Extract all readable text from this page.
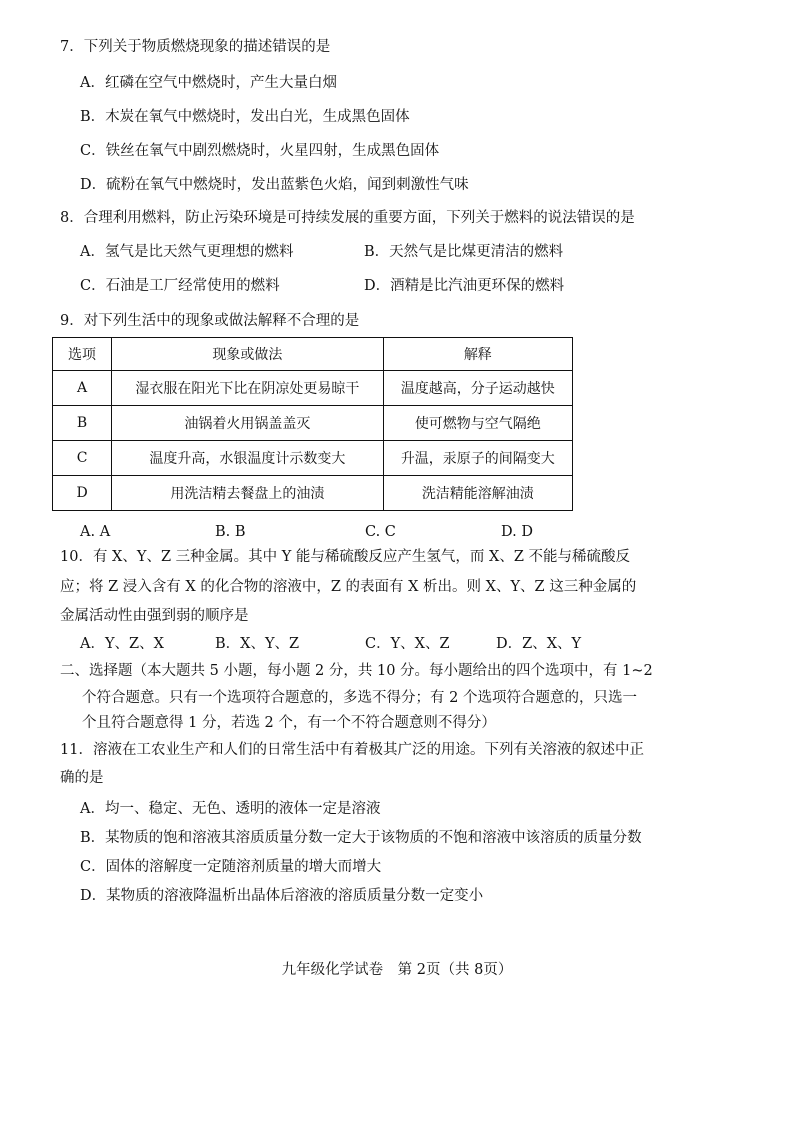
7．下列关于物质燃烧现象的描述错误的是
A．红磷在空气中燃烧时，产生大量白烟
B．木炭在氧气中燃烧时，发出白光，生成黑色固体
C．铁丝在氧气中剧烈燃烧时，火星四射，生成黑色固体
D．硫粉在氧气中燃烧时，发出蓝紫色火焰，闻到刺激性气味
8．合理利用燃料，防止污染环境是可持续发展的重要方面，下列关于燃料的说法错误的是
A．氢气是比天然气更理想的燃料	B．天然气是比煤更清洁的燃料
C．石油是工厂经常使用的燃料	D．酒精是比汽油更环保的燃料
9．对下列生活中的现象或做法解释不合理的是
选项	现象或做法	解释
A	湿衣服在阳光下比在阴凉处更易晾干	温度越高，分子运动越快
B	油锅着火用锅盖盖灭	使可燃物与空气隔绝
C	温度升高，水银温度计示数变大	升温，汞原子的间隔变大
D	用洗洁精去餐盘上的油渍	洗洁精能溶解油渍
A. A	B. B	C. C	D. D
10．有 X、Y、Z 三种金属。其中 Y 能与稀硫酸反应产生氢气，而 X、Z 不能与稀硫酸反
应；将 Z 浸入含有 X 的化合物的溶液中，Z 的表面有 X 析出。则 X、Y、Z 这三种金属的
金属活动性由强到弱的顺序是
A．Y、Z、X	B．X、Y、Z	C．Y、X、Z	D．Z、X、Y
二、选择题（本大题共 5 小题，每小题 2 分，共 10 分。每小题给出的四个选项中，有 1~2
个符合题意。只有一个选项符合题意的，多选不得分；有 2 个选项符合题意的，只选一
个且符合题意得 1 分，若选 2 个，有一个不符合题意则不得分）
11．溶液在工农业生产和人们的日常生活中有着极其广泛的用途。下列有关溶液的叙述中正
确的是
A．均一、稳定、无色、透明的液体一定是溶液
B．某物质的饱和溶液其溶质质量分数一定大于该物质的不饱和溶液中该溶质的质量分数
C．固体的溶解度一定随溶剂质量的增大而增大
D．某物质的溶液降温析出晶体后溶液的溶质质量分数一定变小
九年级化学试卷　第 2页（共 8页）
